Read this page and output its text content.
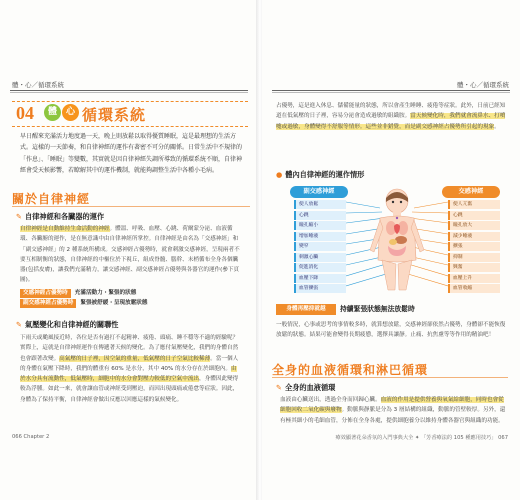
體・心／循環系統
04	體 心 循環系統
早日醒來充滿活力地度過一天，晚上則放鬆以取得優質睡眠，這是最理想的生活方式。這樣的一天節奏，和自律神經的運作有著密不可分的關係。日常生活中不規律的「作息」、「睡眠」等變數，其實就是因自律神經失調所導致的循環系統不順，自律神經會受天候影響，若瞭解其中的運作機制，就能夠調整生活中各種小毛病。
關於自律神經
✎ 自律神經和各臟器的運作
自律神經是自動維持生命活動的神經。體溫、呼吸、血壓、心跳、荷爾蒙分泌、血液循環、各臟腑的運作，是在無意識中由自律神經所掌控。自律神經是由名為「交感神經」和「副交感神經」的 2 種系統所構成。交感神經占優勢時，就會刺激交感神經，呈現兩者不要互相制衡的狀態，自律神經的中樞位於下視丘，組成脊髓、腦幹、末梢循布全身各個臟器(包括皮膚)，讓我們充滿精力，讓交感神經、副交感神經占優勢與各器官的運作(參下頁圖)。
交感神經占優勢時 充滿活動力・緊張的狀態
副交感神經占優勢時 緊張被舒緩・呈現放鬆狀態
✎ 氣壓變化和自律神經的關聯性
下雨天或颱風接近時，各位是否有過打不起精神、疲倦、頭痛、睡不穩等不適的經驗呢？實際上，這就是自律神經運作在傳遞著天候的變化。為了應付氣壓變化，我們的身體自然也會跟著改變。高氣壓的日子裡，因空氣的重量，低氣壓的日子空氣比較稀薄。當一個人的身體在氣壓下降時，我們的體重有 60% 是水分，其中 40% 的水分存在於細胞內。由於水分具有流動性，低氣壓時，細胞中的水分會對壓力較低的空氣中流出，身體因此變得較為浮腫。如此一來，就會讓血管或神經受到壓迫，而因出現頭痛或倦怠等症狀。因此，身體為了保持平衡，自律神經會做出反應以回應這樣的氣候變化。
066 Chapter 2
體・心／循環系統
占優勢，這是進入休息、儲備能量的狀態，所以會產生睡睡、疲倦等症狀。此外，日前已經知道在低氣壓的日子裡，容易分泌會造成過敏的組織胺。當天候變化時，我們就會流鼻水、打噴嚏或過敏，身體變得不舒服等情形。這些並非錯覺，而是副交感神經占優勢所引起的現象。
● 體內自律神經的運作情形
副交感神經	交感神經
使人放鬆
心跳
瞳孔縮小
增加唾液
變窄
刺激心臟
促進消化
血壓下降
血管擴張
使人亢奮
心跳
瞳孔放大
減少唾液
擴張
抑制
興奮
血壓上升
血管收縮
身體再壓抑就越	持續緊張狀態無法放鬆時
一般情況，心事或思考的事情較多時，就算想放鬆，交感神經卻依然占優勢，身體卻不能恢復放鬆的狀態。結果可能會變得長期疲憊，選擇具讓靜。止痛、抗焦慮等等作用的精油吧！
全身的血液循環和淋巴循環
✎ 全身的血液循環
血液由心臟送出，透過全身而回歸心臟。血液的作用是提供營養與氧氣給細胞，同時也會從細胞回收二氧化碳與廢物。動脈與靜脈是分為 3 層結構的組織，動脈的管壁較厚。另外，還有極其細小的毛細血管，分佈在全身各處，提供細胞養分以維持身體各器官與組織的功能。
療效顯著花朵香氛的入門事典大全 ✦ 「芳香療法的 105 種應用技巧」 067
